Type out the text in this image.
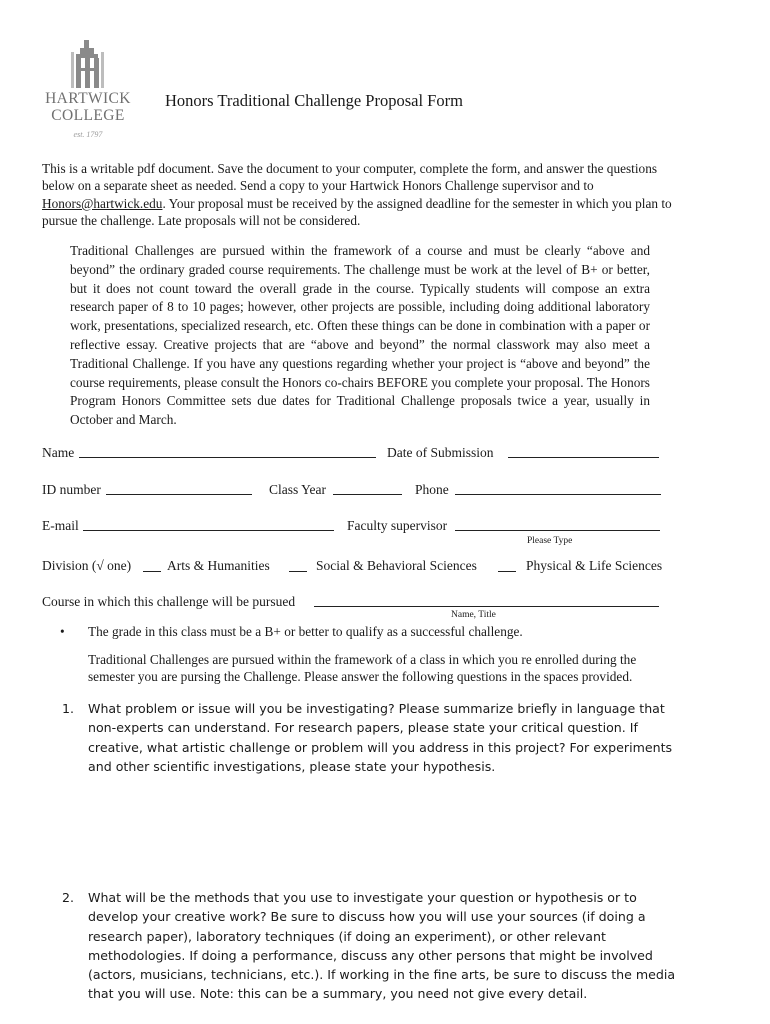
HARTWICK
COLLEGE
est. 1797
Honors Traditional Challenge Proposal Form
This is a writable pdf document. Save the document to your computer, complete the form, and answer the questions below on a separate sheet as needed. Send a copy to your Hartwick Honors Challenge supervisor and to Honors@hartwick.edu. Your proposal must be received by the assigned deadline for the semester in which you plan to pursue the challenge. Late proposals will not be considered.
Traditional Challenges are pursued within the framework of a course and must be clearly “above and beyond” the ordinary graded course requirements. The challenge must be work at the level of B+ or better, but it does not count toward the overall grade in the course. Typically students will compose an extra research paper of 8 to 10 pages; however, other projects are possible, including doing additional laboratory work, presentations, specialized research, etc. Often these things can be done in combination with a paper or reflective essay. Creative projects that are “above and beyond” the normal classwork may also meet a Traditional Challenge. If you have any questions regarding whether your project is “above and beyond” the course requirements, please consult the Honors co-chairs BEFORE you complete your proposal. The Honors Program Honors Committee sets due dates for Traditional Challenge proposals twice a year, usually in October and March.
Name	Date of Submission
ID number	Class Year	Phone
E-mail	Faculty supervisor
Please Type
Division (√ one)	Arts & Humanities	Social & Behavioral Sciences	Physical & Life Sciences
Course in which this challenge will be pursued
Name, Title
• The grade in this class must be a B+ or better to qualify as a successful challenge.
Traditional Challenges are pursued within the framework of a class in which you re enrolled during the semester you are pursing the Challenge. Please answer the following questions in the spaces provided.
1. What problem or issue will you be investigating? Please summarize briefly in language that non-experts can understand. For research papers, please state your critical question. If creative, what artistic challenge or problem will you address in this project? For experiments and other scientific investigations, please state your hypothesis.
2. What will be the methods that you use to investigate your question or hypothesis or to develop your creative work? Be sure to discuss how you will use your sources (if doing a research paper), laboratory techniques (if doing an experiment), or other relevant methodologies. If doing a performance, discuss any other persons that might be involved (actors, musicians, technicians, etc.). If working in the fine arts, be sure to discuss the media that you will use. Note: this can be a summary, you need not give every detail.
